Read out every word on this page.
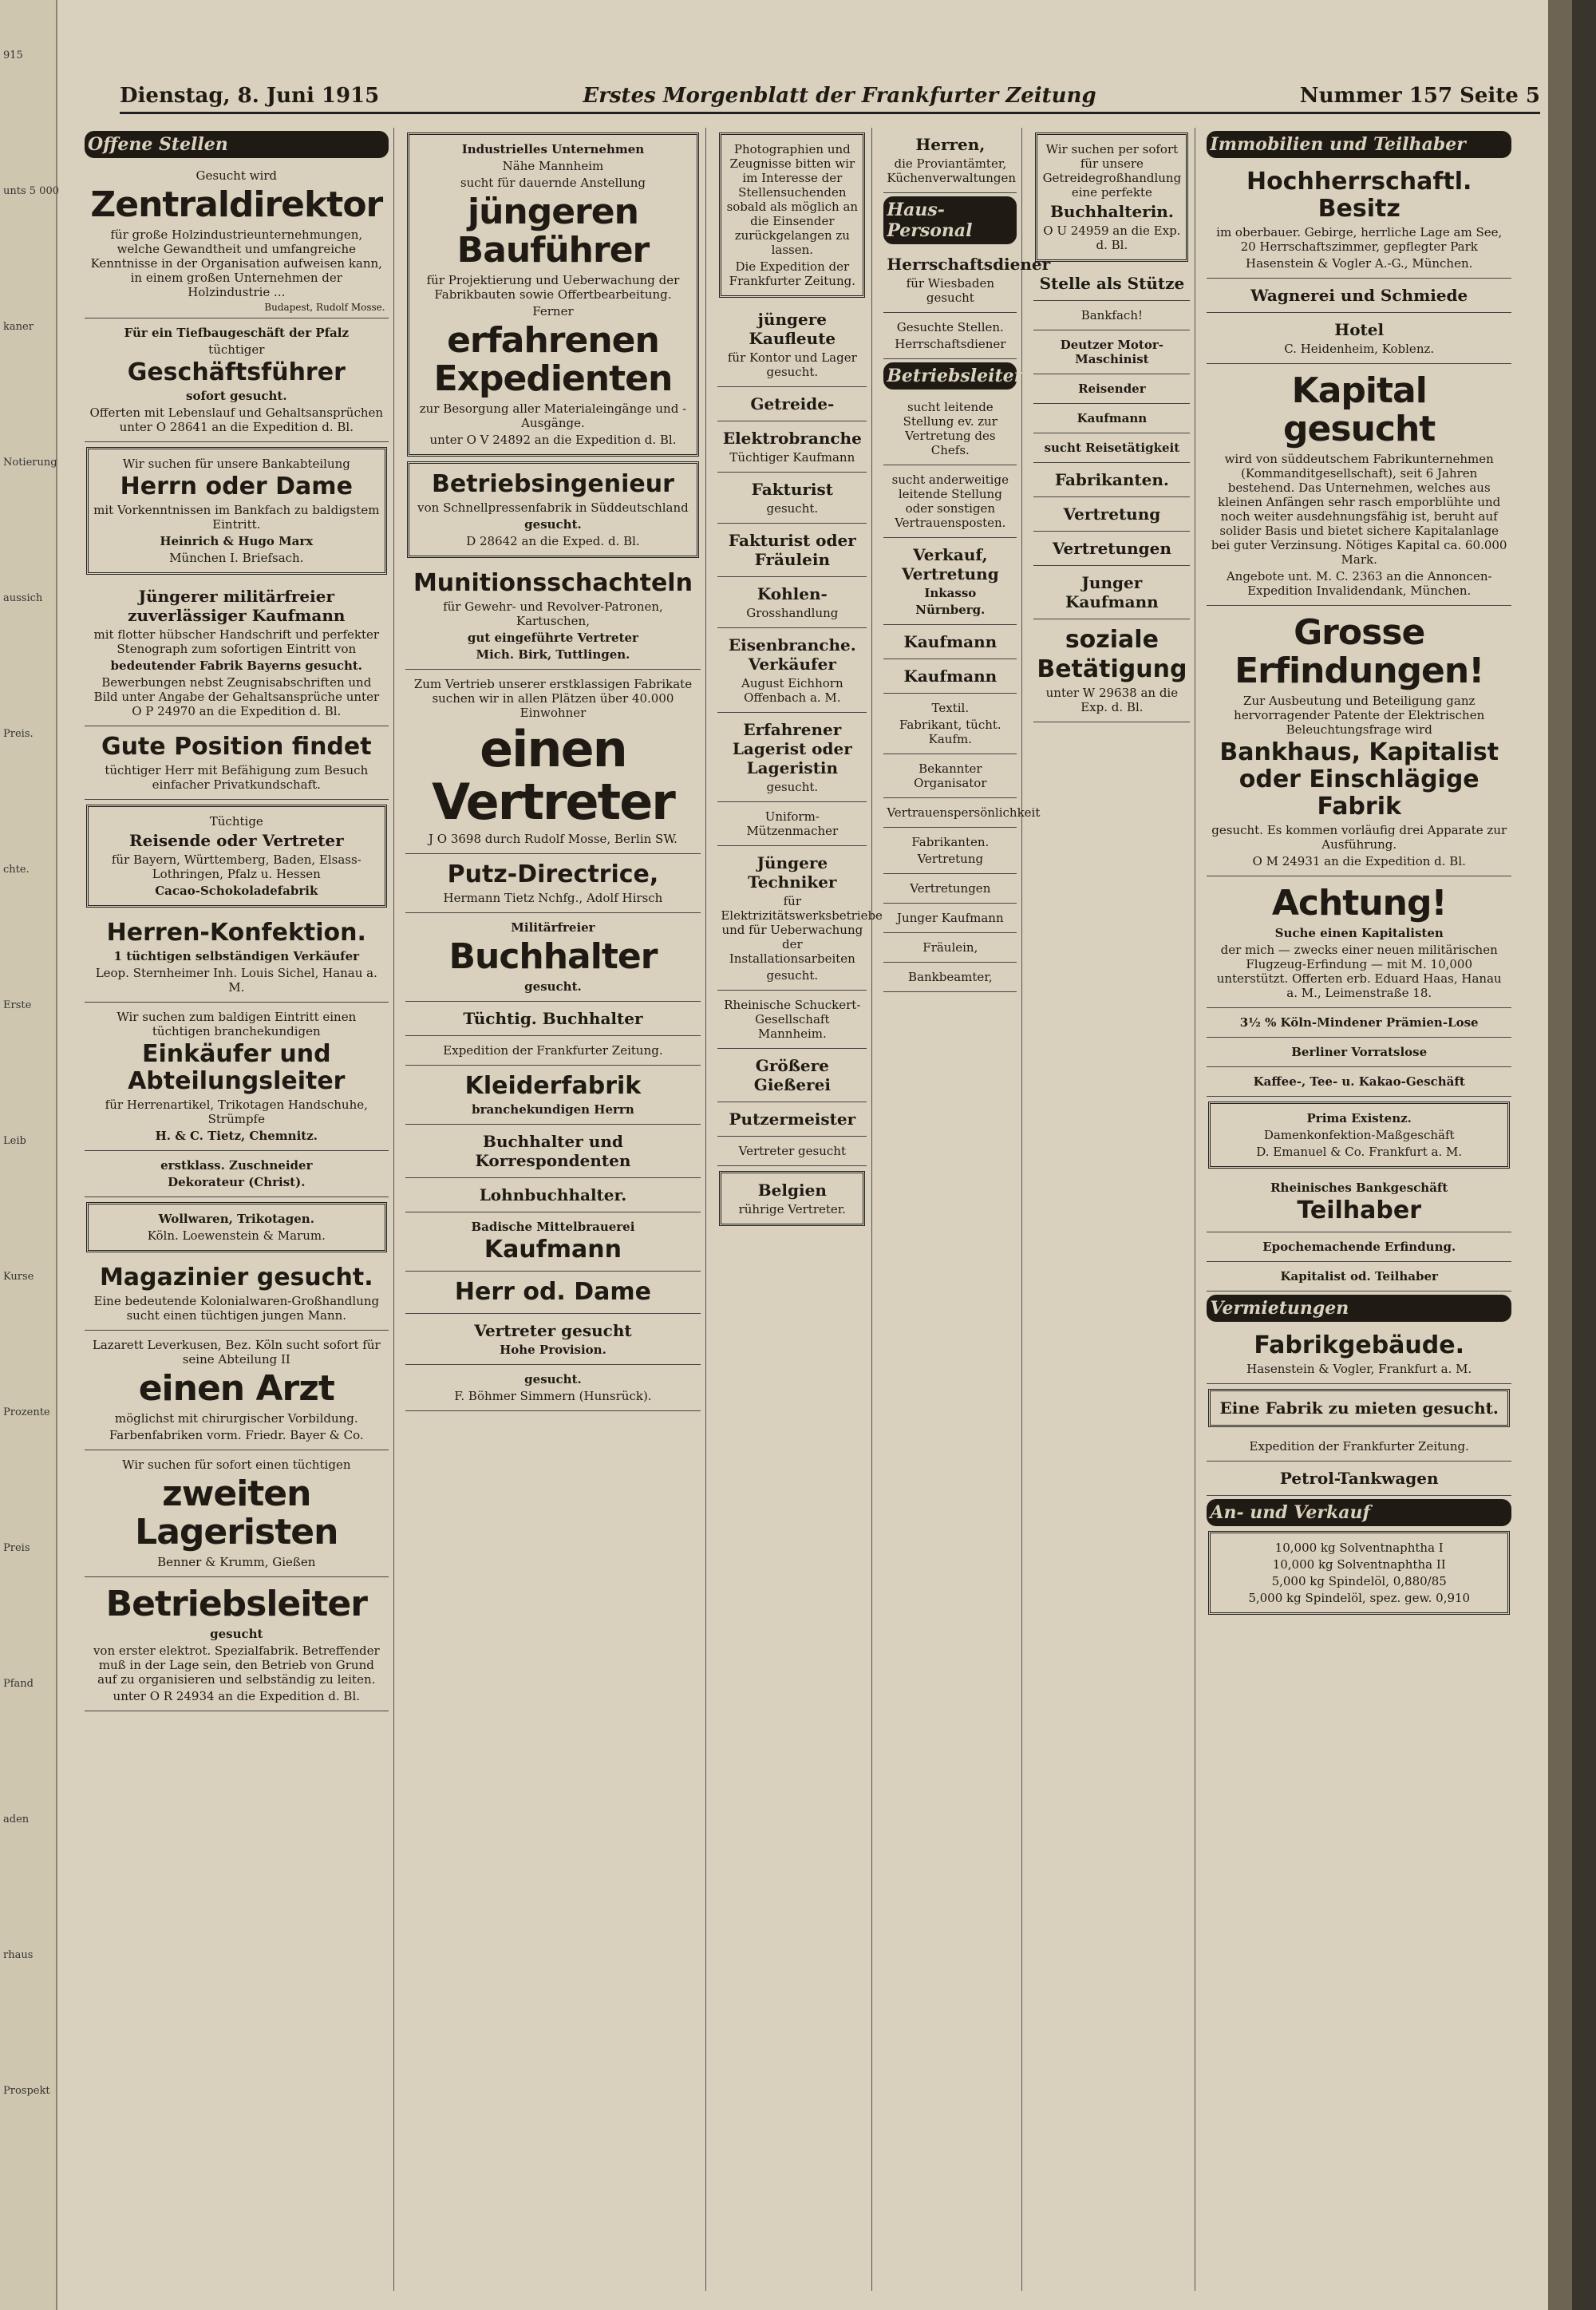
915
unts 5 000
kaner
Notierung
aussich
Preis.
chte.
Erste
Leib
Kurse
Prozente
Preis
Pfand
aden
rhaus
Prospekt
Dienstag, 8. Juni 1915	Erstes Morgenblatt der Frankfurter Zeitung	Nummer 157 Seite 5
Offene Stellen

Gesucht wird

Zentraldirektor

für große Holzindustrieunternehmungen, welche Gewandtheit und umfangreiche Kenntnisse in der Organisation aufweisen kann, in einem großen Unternehmen der Holzindustrie ...

Budapest, Rudolf Mosse.

Für ein Tiefbaugeschäft der Pfalz

tüchtiger

Geschäftsführer

sofort gesucht.

Offerten mit Lebenslauf und Gehaltsansprüchen unter O 28641 an die Expedition d. Bl.

Wir suchen für unsere Bankabteilung

Herrn oder Dame

mit Vorkenntnissen im Bankfach zu baldigstem Eintritt.

Heinrich & Hugo Marx

München I. Briefsach.

Jüngerer militärfreier zuverlässiger Kaufmann

mit flotter hübscher Handschrift und perfekter Stenograph zum sofortigen Eintritt von

bedeutender Fabrik Bayerns gesucht.

Bewerbungen nebst Zeugnisabschriften und Bild unter Angabe der Gehaltsansprüche unter O P 24970 an die Expedition d. Bl.

Gute Position findet

tüchtiger Herr mit Befähigung zum Besuch einfacher Privatkundschaft.

Tüchtige

Reisende oder Vertreter

für Bayern, Württemberg, Baden, Elsass-Lothringen, Pfalz u. Hessen

Cacao-Schokoladefabrik

Herren-Konfektion.

1 tüchtigen selbständigen Verkäufer

Leop. Sternheimer Inh. Louis Sichel, Hanau a. M.

Wir suchen zum baldigen Eintritt einen tüchtigen branchekundigen

Einkäufer und Abteilungsleiter

für Herrenartikel, Trikotagen Handschuhe, Strümpfe

H. & C. Tietz, Chemnitz.

erstklass. Zuschneider

Dekorateur (Christ).

Wollwaren, Trikotagen.

Köln. Loewenstein & Marum.

Magazinier gesucht.

Eine bedeutende Kolonialwaren-Großhandlung sucht einen tüchtigen jungen Mann.

Lazarett Leverkusen, Bez. Köln sucht sofort für seine Abteilung II

einen Arzt

möglichst mit chirurgischer Vorbildung.

Farbenfabriken vorm. Friedr. Bayer & Co.

Wir suchen für sofort einen tüchtigen

zweiten Lageristen

Benner & Krumm, Gießen

Betriebsleiter

gesucht

von erster elektrot. Spezialfabrik. Betreffender muß in der Lage sein, den Betrieb von Grund auf zu organisieren und selbständig zu leiten.

unter O R 24934 an die Expedition d. Bl.

Industrielles Unternehmen

Nähe Mannheim

sucht für dauernde Anstellung

jüngeren Bauführer

für Projektierung und Ueberwachung der Fabrikbauten sowie Offertbearbeitung.

Ferner

erfahrenen Expedienten

zur Besorgung aller Materialeingänge und -Ausgänge.

unter O V 24892 an die Expedition d. Bl.

Betriebsingenieur

von Schnellpressenfabrik in Süddeutschland

gesucht.

D 28642 an die Exped. d. Bl.

Munitionsschachteln

für Gewehr- und Revolver-Patronen, Kartuschen,

gut eingeführte Vertreter

Mich. Birk, Tuttlingen.

Zum Vertrieb unserer erstklassigen Fabrikate suchen wir in allen Plätzen über 40.000 Einwohner

einen Vertreter

J O 3698 durch Rudolf Mosse, Berlin SW.

Putz-Directrice,

Hermann Tietz Nchfg., Adolf Hirsch

Militärfreier

Buchhalter

gesucht.

Tüchtig. Buchhalter

Expedition der Frankfurter Zeitung.

Kleiderfabrik

branchekundigen Herrn

Buchhalter und Korrespondenten
Lohnbuchhalter.

Badische Mittelbrauerei

Kaufmann
Herr od. Dame
Vertreter gesucht

Hohe Provision.

gesucht.

F. Böhmer Simmern (Hunsrück).

Photographien und Zeugnisse bitten wir im Interesse der Stellensuchenden sobald als möglich an die Einsender zurückgelangen zu lassen.

Die Expedition der Frankfurter Zeitung.

jüngere Kaufleute

für Kontor und Lager gesucht.

Getreide-
Elektrobranche

Tüchtiger Kaufmann

Fakturist

gesucht.

Fakturist oder Fräulein
Kohlen-

Grosshandlung

Eisenbranche. Verkäufer

August Eichhorn Offenbach a. M.

Erfahrener Lagerist oder Lageristin

gesucht.

Uniform-Mützenmacher

Jüngere Techniker

für Elektrizitätswerksbetriebe und für Ueberwachung der Installationsarbeiten

gesucht.

Rheinische Schuckert-Gesellschaft Mannheim.

Größere Gießerei
Putzermeister

Vertreter gesucht

Belgien

rührige Vertreter.

Herren,

die Proviantämter, Küchenverwaltungen

Haus-Personal
Herrschaftsdiener

für Wiesbaden gesucht

Gesuchte Stellen.

Herrschaftsdiener

Betriebsleiter.

sucht leitende Stellung ev. zur Vertretung des Chefs.

sucht anderweitige leitende Stellung oder sonstigen Vertrauensposten.

Verkauf, Vertretung

Inkasso

Nürnberg.

Kaufmann
Kaufmann

Textil.

Fabrikant, tücht. Kaufm.

Bekannter Organisator

Vertrauenspersönlichkeit

Fabrikanten.

Vertretung

Vertretungen

Junger Kaufmann

Fräulein,

Bankbeamter,

Wir suchen per sofort für unsere Getreidegroßhandlung eine perfekte

Buchhalterin.

O U 24959 an die Exp. d. Bl.

Stelle als Stütze

Bankfach!

Deutzer Motor-Maschinist

Reisender

Kaufmann

sucht Reisetätigkeit

Fabrikanten.
Vertretung
Vertretungen
Junger Kaufmann
soziale
Betätigung

unter W 29638 an die Exp. d. Bl.

Immobilien und Teilhaber
Hochherrschaftl. Besitz

im oberbauer. Gebirge, herrliche Lage am See, 20 Herrschaftszimmer, gepflegter Park

Hasenstein & Vogler A.-G., München.

Wagnerei und Schmiede
Hotel

C. Heidenheim, Koblenz.

Kapital gesucht

wird von süddeutschem Fabrikunternehmen (Kommanditgesellschaft), seit 6 Jahren bestehend. Das Unternehmen, welches aus kleinen Anfängen sehr rasch emporblühte und noch weiter ausdehnungsfähig ist, beruht auf solider Basis und bietet sichere Kapitalanlage bei guter Verzinsung. Nötiges Kapital ca. 60.000 Mark.

Angebote unt. M. C. 2363 an die Annoncen-Expedition Invalidendank, München.

Grosse Erfindungen!

Zur Ausbeutung und Beteiligung ganz hervorragender Patente der Elektrischen Beleuchtungsfrage wird

Bankhaus, Kapitalist oder Einschlägige Fabrik

gesucht. Es kommen vorläufig drei Apparate zur Ausführung.

O M 24931 an die Expedition d. Bl.

Achtung!

Suche einen Kapitalisten

der mich — zwecks einer neuen militärischen Flugzeug-Erfindung — mit M. 10,000 unterstützt. Offerten erb. Eduard Haas, Hanau a. M., Leimenstraße 18.

3½ % Köln-Mindener Prämien-Lose

Berliner Vorratslose

Kaffee-, Tee- u. Kakao-Geschäft

Prima Existenz.

Damenkonfektion-Maßgeschäft

D. Emanuel & Co. Frankfurt a. M.

Rheinisches Bankgeschäft

Teilhaber

Epochemachende Erfindung.

Kapitalist od. Teilhaber

Vermietungen
Fabrikgebäude.

Hasenstein & Vogler, Frankfurt a. M.

Eine Fabrik zu mieten gesucht.

Expedition der Frankfurter Zeitung.

Petrol-Tankwagen
An- und Verkauf

10,000 kg Solventnaphtha I

10,000 kg Solventnaphtha II

5,000 kg Spindelöl, 0,880/85

5,000 kg Spindelöl, spez. gew. 0,910
